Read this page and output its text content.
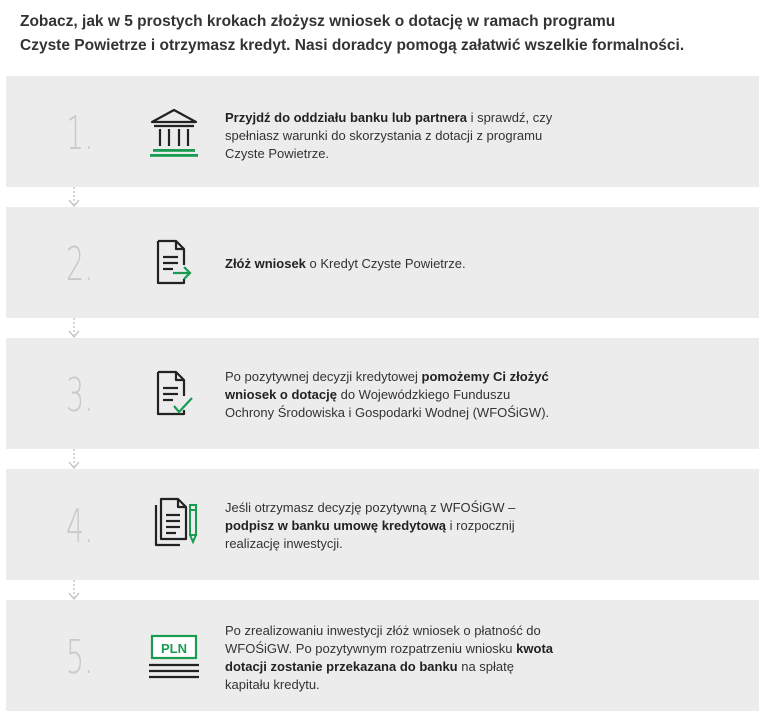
Zobacz, jak w 5 prostych krokach złożysz wniosek o dotację w ramach programu
Czyste Powietrze i otrzymasz kredyt. Nasi doradcy pomogą załatwić wszelkie formalności.
1.	Przyjdź do oddziału banku lub partnera i sprawdź, czy spełniasz warunki do skorzystania z dotacji z programu Czyste Powietrze.
2.	Złóż wniosek o Kredyt Czyste Powietrze.
3.	Po pozytywnej decyzji kredytowej pomożemy Ci złożyć wniosek o dotację do Wojewódzkiego Funduszu Ochrony Środowiska i Gospodarki Wodnej (WFOŚiGW).
4.	Jeśli otrzymasz decyzję pozytywną z WFOŚiGW – podpisz w banku umowę kredytową i rozpocznij realizację inwestycji.
5.	PLN
Po zrealizowaniu inwestycji złóż wniosek o płatność do WFOŚiGW. Po pozytywnym rozpatrzeniu wniosku kwota dotacji zostanie przekazana do banku na spłatę kapitału kredytu.
